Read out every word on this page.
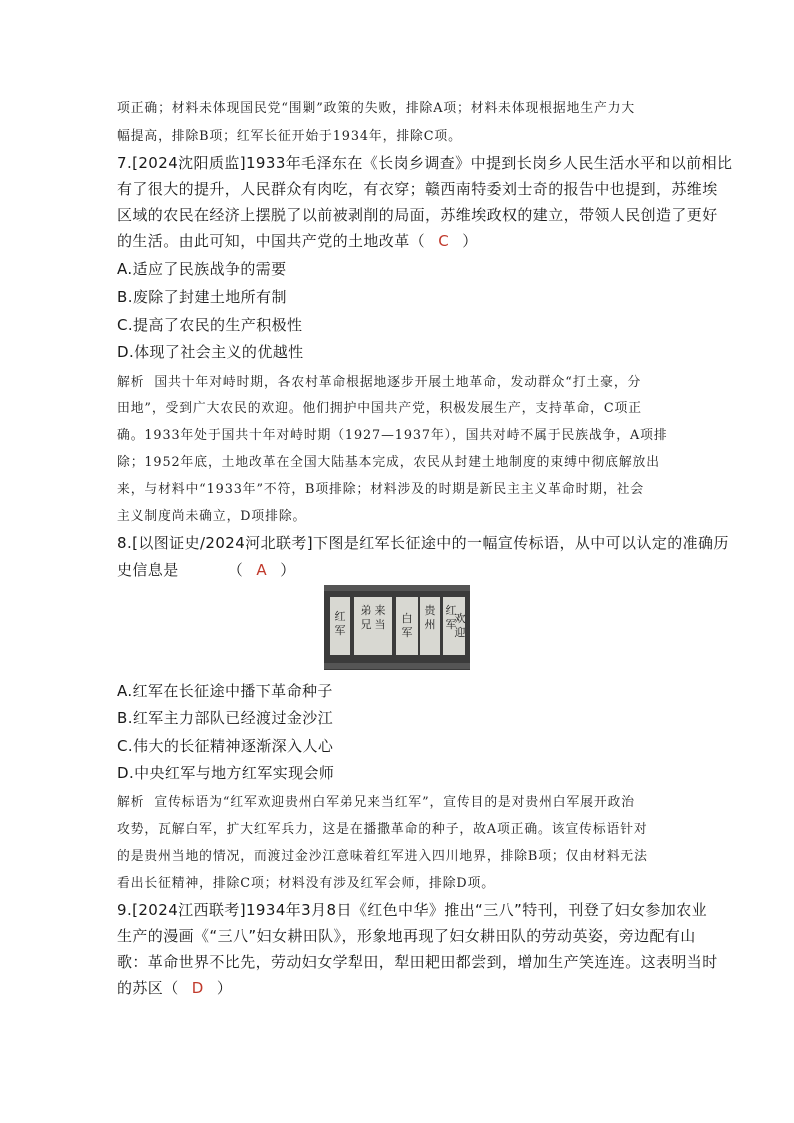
项正确；材料未体现国民党“围剿”政策的失败，排除A项；材料未体现根据地生产力大
幅提高，排除B项；红军长征开始于1934年，排除C项。
7.[2024沈阳质监]1933年毛泽东在《长岗乡调查》中提到长岗乡人民生活水平和以前相比
有了很大的提升，人民群众有肉吃，有衣穿；赣西南特委刘士奇的报告中也提到，苏维埃
区域的农民在经济上摆脱了以前被剥削的局面，苏维埃政权的建立，带领人民创造了更好
的生活。由此可知，中国共产党的土地改革（ C ）
A.适应了民族战争的需要
B.废除了封建土地所有制
C.提高了农民的生产积极性
D.体现了社会主义的优越性
解析 国共十年对峙时期，各农村革命根据地逐步开展土地革命，发动群众“打土豪，分
田地”，受到广大农民的欢迎。他们拥护中国共产党，积极发展生产，支持革命，C项正
确。1933年处于国共十年对峙时期（1927—1937年），国共对峙不属于民族战争，A项排
除；1952年底，土地改革在全国大陆基本完成，农民从封建土地制度的束缚中彻底解放出
来，与材料中“1933年”不符，B项排除；材料涉及的时期是新民主主义革命时期，社会
主义制度尚未确立，D项排除。
8.[以图证史/2024河北联考]下图是红军长征途中的一幅宣传标语，从中可以认定的准确历
史信息是	（ A ）
红
军
弟
兄
来
当 白
军
贵
州
红
军
欢
迎
A.红军在长征途中播下革命种子
B.红军主力部队已经渡过金沙江
C.伟大的长征精神逐渐深入人心
D.中央红军与地方红军实现会师
解析 宣传标语为“红军欢迎贵州白军弟兄来当红军”，宣传目的是对贵州白军展开政治
攻势，瓦解白军，扩大红军兵力，这是在播撒革命的种子，故A项正确。该宣传标语针对
的是贵州当地的情况，而渡过金沙江意味着红军进入四川地界，排除B项；仅由材料无法
看出长征精神，排除C项；材料没有涉及红军会师，排除D项。
9.[2024江西联考]1934年3月8日《红色中华》推出“三八”特刊，刊登了妇女参加农业
生产的漫画《“三八”妇女耕田队》，形象地再现了妇女耕田队的劳动英姿，旁边配有山
歌：革命世界不比先，劳动妇女学犁田，犁田耙田都尝到，增加生产笑连连。这表明当时
的苏区（ D ）
